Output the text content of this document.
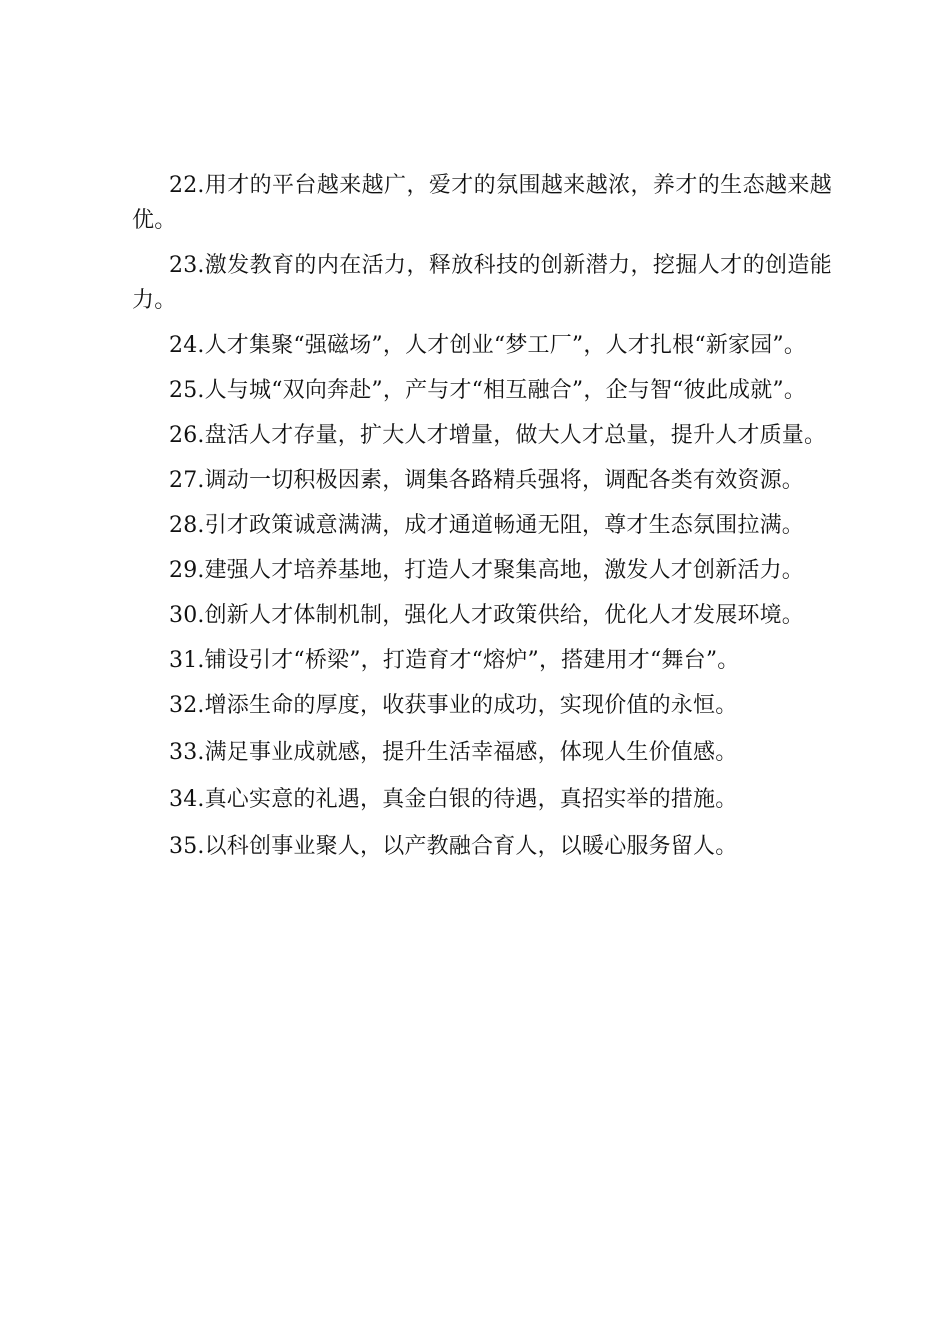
22.用才的平台越来越广，爱才的氛围越来越浓，养才的生态越来越优。

23.激发教育的内在活力，释放科技的创新潜力，挖掘人才的创造能力。

24.人才集聚“强磁场”，人才创业“梦工厂”，人才扎根“新家园”。

25.人与城“双向奔赴”，产与才“相互融合”，企与智“彼此成就”。

26.盘活人才存量，扩大人才增量，做大人才总量，提升人才质量。

27.调动一切积极因素，调集各路精兵强将，调配各类有效资源。

28.引才政策诚意满满，成才通道畅通无阻，尊才生态氛围拉满。

29.建强人才培养基地，打造人才聚集高地，激发人才创新活力。

30.创新人才体制机制，强化人才政策供给，优化人才发展环境。

31.铺设引才“桥梁”，打造育才“熔炉”，搭建用才“舞台”。

32.增添生命的厚度，收获事业的成功，实现价值的永恒。

33.满足事业成就感，提升生活幸福感，体现人生价值感。

34.真心实意的礼遇，真金白银的待遇，真招实举的措施。

35.以科创事业聚人，以产教融合育人，以暖心服务留人。
